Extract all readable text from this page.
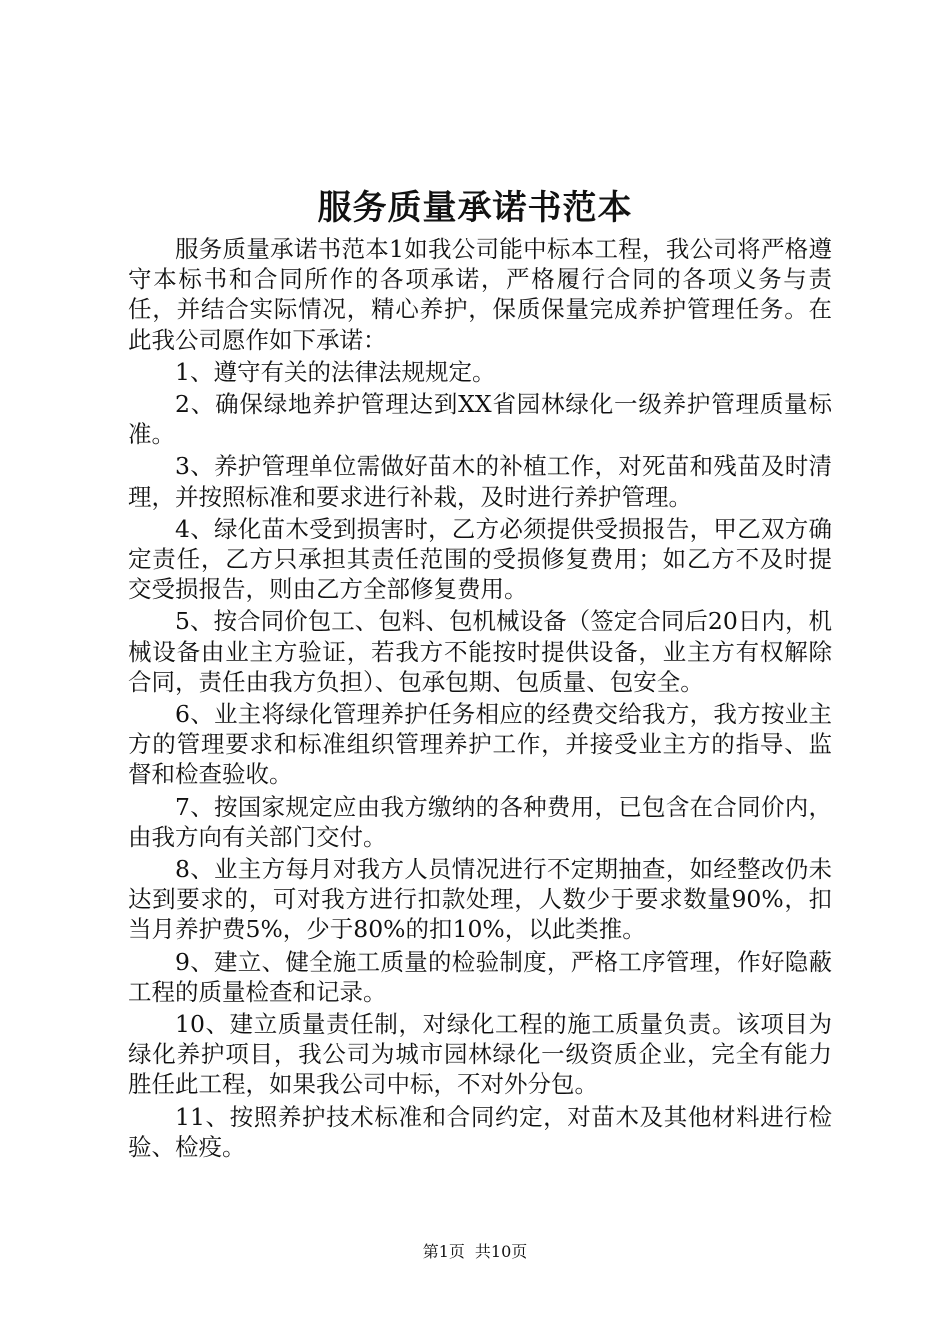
服务质量承诺书范本

服务质量承诺书范本1如我公司能中标本工程，我公司将严格遵守本标书和合同所作的各项承诺，严格履行合同的各项义务与责任，并结合实际情况，精心养护，保质保量完成养护管理任务。在此我公司愿作如下承诺：

1、遵守有关的法律法规规定。

2、确保绿地养护管理达到XX省园林绿化一级养护管理质量标准。

3、养护管理单位需做好苗木的补植工作，对死苗和残苗及时清理，并按照标准和要求进行补栽，及时进行养护管理。

4、绿化苗木受到损害时，乙方必须提供受损报告，甲乙双方确定责任，乙方只承担其责任范围的受损修复费用；如乙方不及时提交受损报告，则由乙方全部修复费用。

5、按合同价包工、包料、包机械设备（签定合同后20日内，机械设备由业主方验证，若我方不能按时提供设备，业主方有权解除合同，责任由我方负担）、包承包期、包质量、包安全。

6、业主将绿化管理养护任务相应的经费交给我方，我方按业主方的管理要求和标准组织管理养护工作，并接受业主方的指导、监督和检查验收。

7、按国家规定应由我方缴纳的各种费用，已包含在合同价内，由我方向有关部门交付。

8、业主方每月对我方人员情况进行不定期抽查，如经整改仍未达到要求的，可对我方进行扣款处理，人数少于要求数量90%，扣当月养护费5%，少于80%的扣10%，以此类推。

9、建立、健全施工质量的检验制度，严格工序管理，作好隐蔽工程的质量检查和记录。

10、建立质量责任制，对绿化工程的施工质量负责。该项目为绿化养护项目，我公司为城市园林绿化一级资质企业，完全有能力胜任此工程，如果我公司中标，不对外分包。

11、按照养护技术标准和合同约定，对苗木及其他材料进行检验、检疫。

第1页 共10页
